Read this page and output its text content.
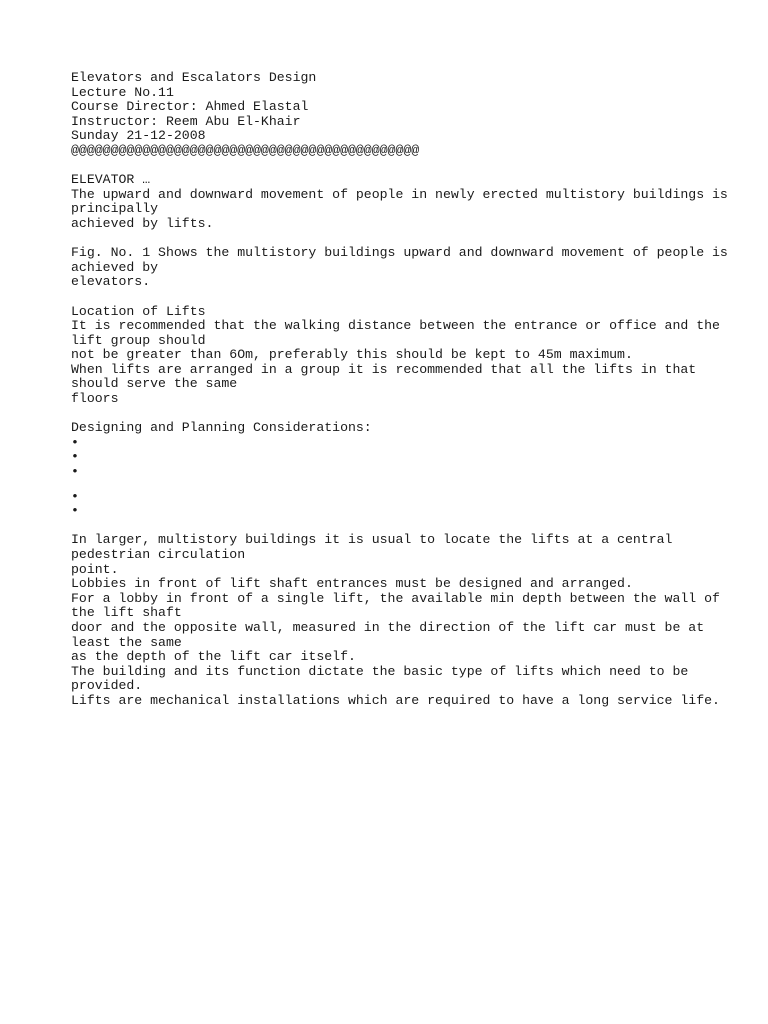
Elevators and Escalators Design
Lecture No.11
Course Director: Ahmed Elastal
Instructor: Reem Abu El-Khair
Sunday 21-12-2008
@@@@@@@@@@@@@@@@@@@@@@@@@@@@@@@@@@@@@@@@@@@@
ELEVATOR …
The upward and downward movement of people in newly erected multistory buildings is
principally
achieved by lifts.
Fig. No. 1 Shows the multistory buildings upward and downward movement of people is
achieved by
elevators.
Location of Lifts
It is recommended that the walking distance between the entrance or office and the
lift group should
not be greater than 6Om, preferably this should be kept to 45m maximum.
When lifts are arranged in a group it is recommended that all the lifts in that
should serve the same
floors
Designing and Planning Considerations:
•
•
•
•
•
In larger, multistory buildings it is usual to locate the lifts at a central
pedestrian circulation
point.
Lobbies in front of lift shaft entrances must be designed and arranged.
For a lobby in front of a single lift, the available min depth between the wall of
the lift shaft
door and the opposite wall, measured in the direction of the lift car must be at
least the same
as the depth of the lift car itself.
The building and its function dictate the basic type of lifts which need to be
provided.
Lifts are mechanical installations which are required to have a long service life.
